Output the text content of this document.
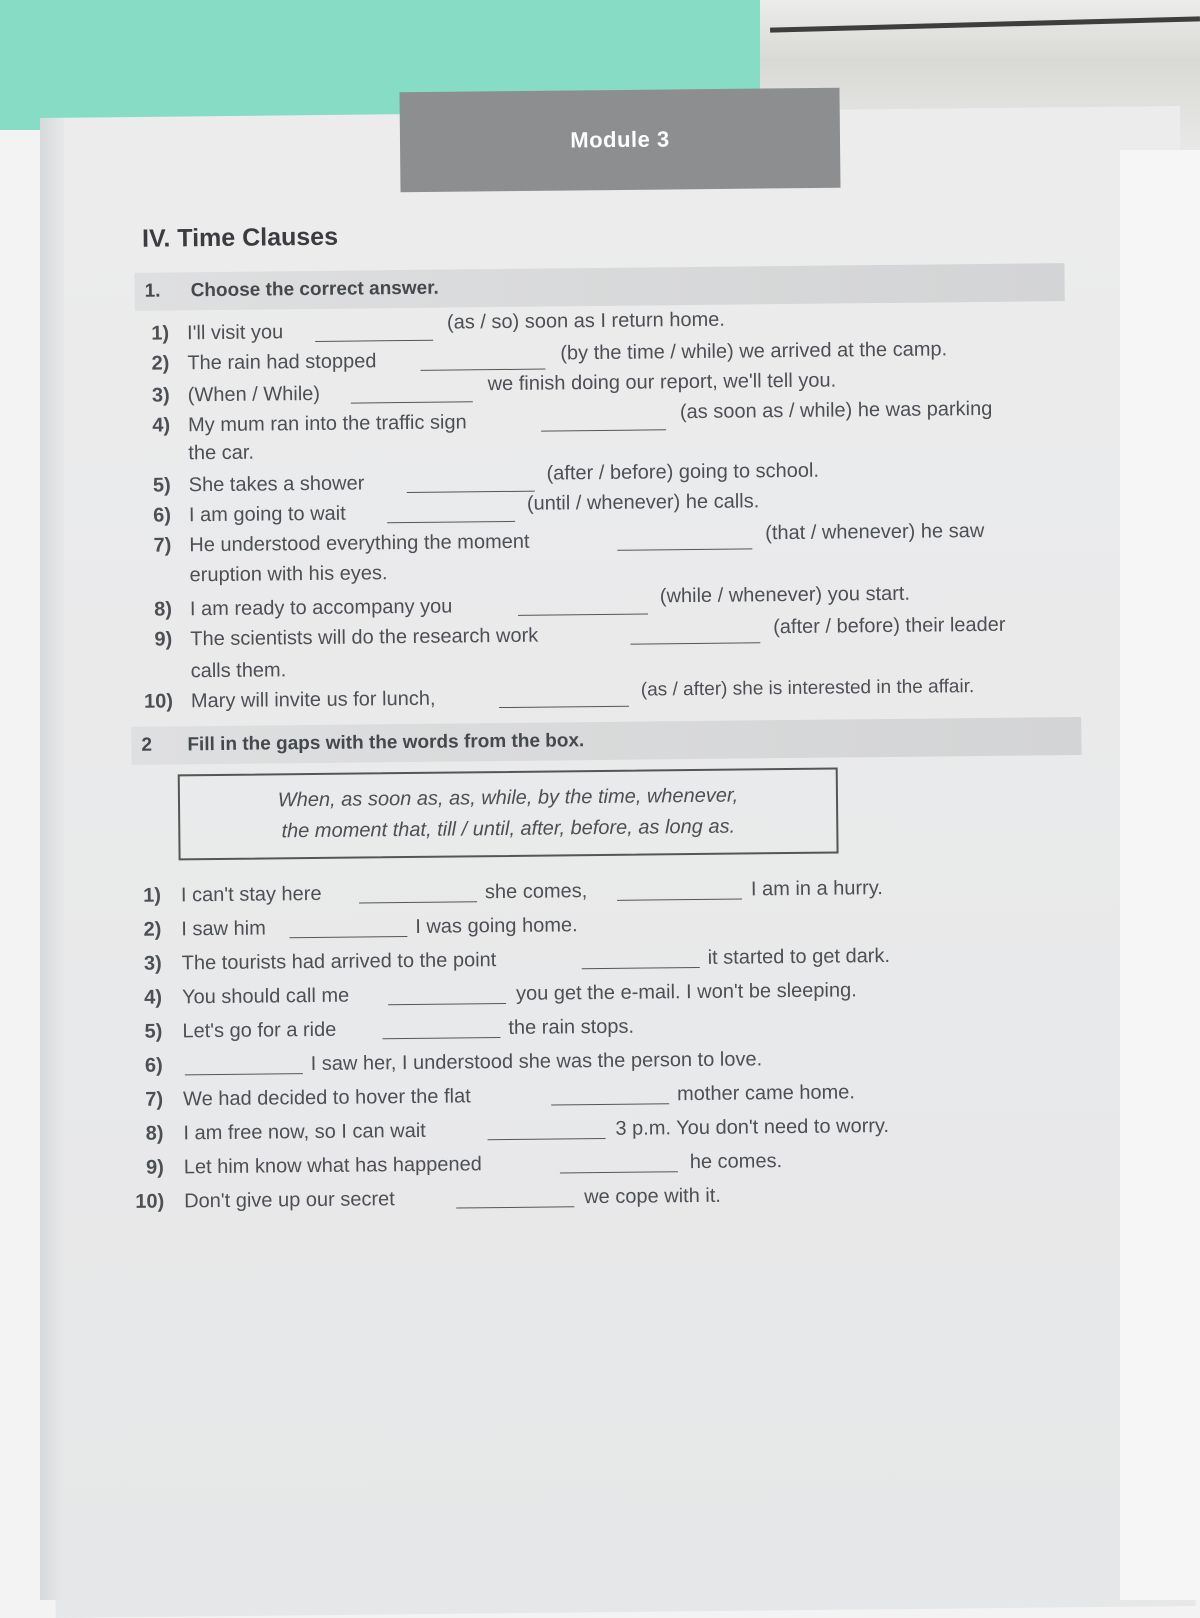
Module 3
IV. Time Clauses
1.	Choose the correct answer.
1) I'll visit you	(as / so) soon as I return home.
2) The rain had stopped	(by the time / while) we arrived at the camp.
3) (When / While)	we finish doing our report, we'll tell you.
4) My mum ran into the traffic sign
(as soon as / while) he was parking
the car.
5) She takes a shower	(after / before) going to school.
6) I am going to wait	(until / whenever) he calls.
7) He understood everything the moment	(that / whenever) he saw
eruption with his eyes.
8) I am ready to accompany you
(while / whenever) you start.
9) The scientists will do the research work	(after / before) their leader
calls them.
10) Mary will invite us for lunch,	(as / after) she is interested in the affair.
2	Fill in the gaps with the words from the box.
When, as soon as, as, while, by the time, whenever,
the moment that, till / until, after, before, as long as.
1) I can't stay here	she comes,	I am in a hurry.
2) I saw him	I was going home.
3) The tourists had arrived to the point	it started to get dark.
4) You should call me	you get the e-mail. I won't be sleeping.
5) Let's go for a ride	the rain stops.
6)	I saw her, I understood she was the person to love.
7) We had decided to hover the flat	mother came home.
8) I am free now, so I can wait	3 p.m. You don't need to worry.
9) Let him know what has happened	he comes.
10) Don't give up our secret	we cope with it.
